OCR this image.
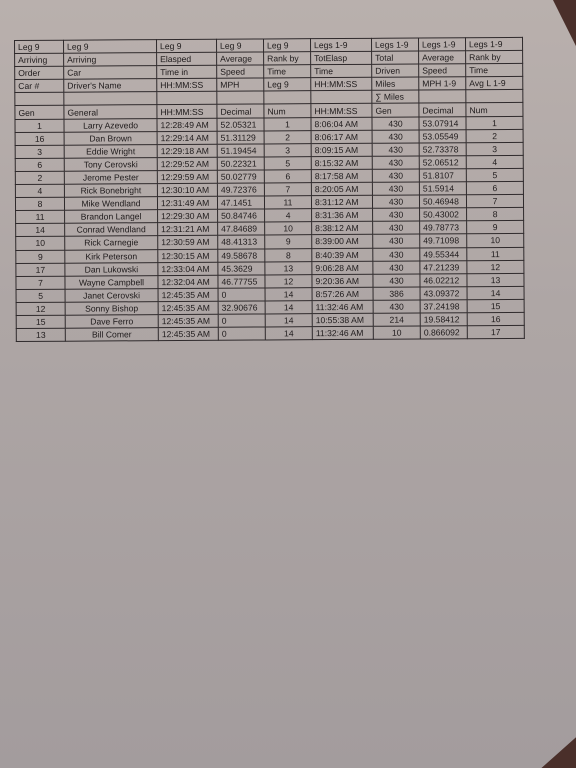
Leg 9	Leg 9	Leg 9	Leg 9	Leg 9	Legs 1-9	Legs 1-9	Legs 1-9	Legs 1-9
Arriving	Arriving	Elasped	Average	Rank by	TotElasp	Total	Average	Rank by
Order	Car	Time in	Speed	Time	Time	Driven	Speed	Time
Car #	Driver's Name	HH:MM:SS	MPH	Leg 9	HH:MM:SS	Miles	MPH 1-9	Avg L 1-9
						∑ Miles		
Gen	General	HH:MM:SS	Decimal	Num	HH:MM:SS	Gen	Decimal	Num
1	Larry Azevedo	12:28:49 AM	52.05321	1	8:06:04 AM	430	53.07914	1
16	Dan Brown	12:29:14 AM	51.31129	2	8:06:17 AM	430	53.05549	2
3	Eddie Wright	12:29:18 AM	51.19454	3	8:09:15 AM	430	52.73378	3
6	Tony Cerovski	12:29:52 AM	50.22321	5	8:15:32 AM	430	52.06512	4
2	Jerome Pester	12:29:59 AM	50.02779	6	8:17:58 AM	430	51.8107	5
4	Rick Bonebright	12:30:10 AM	49.72376	7	8:20:05 AM	430	51.5914	6
8	Mike Wendland	12:31:49 AM	47.1451	11	8:31:12 AM	430	50.46948	7
11	Brandon Langel	12:29:30 AM	50.84746	4	8:31:36 AM	430	50.43002	8
14	Conrad Wendland	12:31:21 AM	47.84689	10	8:38:12 AM	430	49.78773	9
10	Rick Carnegie	12:30:59 AM	48.41313	9	8:39:00 AM	430	49.71098	10
9	Kirk Peterson	12:30:15 AM	49.58678	8	8:40:39 AM	430	49.55344	11
17	Dan Lukowski	12:33:04 AM	45.3629	13	9:06:28 AM	430	47.21239	12
7	Wayne Campbell	12:32:04 AM	46.77755	12	9:20:36 AM	430	46.02212	13
5	Janet Cerovski	12:45:35 AM	0	14	8:57:26 AM	386	43.09372	14
12	Sonny Bishop	12:45:35 AM	32.90676	14	11:32:46 AM	430	37.24198	15
15	Dave Ferro	12:45:35 AM	0	14	10:55:38 AM	214	19.58412	16
13	Bill Comer	12:45:35 AM	0	14	11:32:46 AM	10	0.866092	17
